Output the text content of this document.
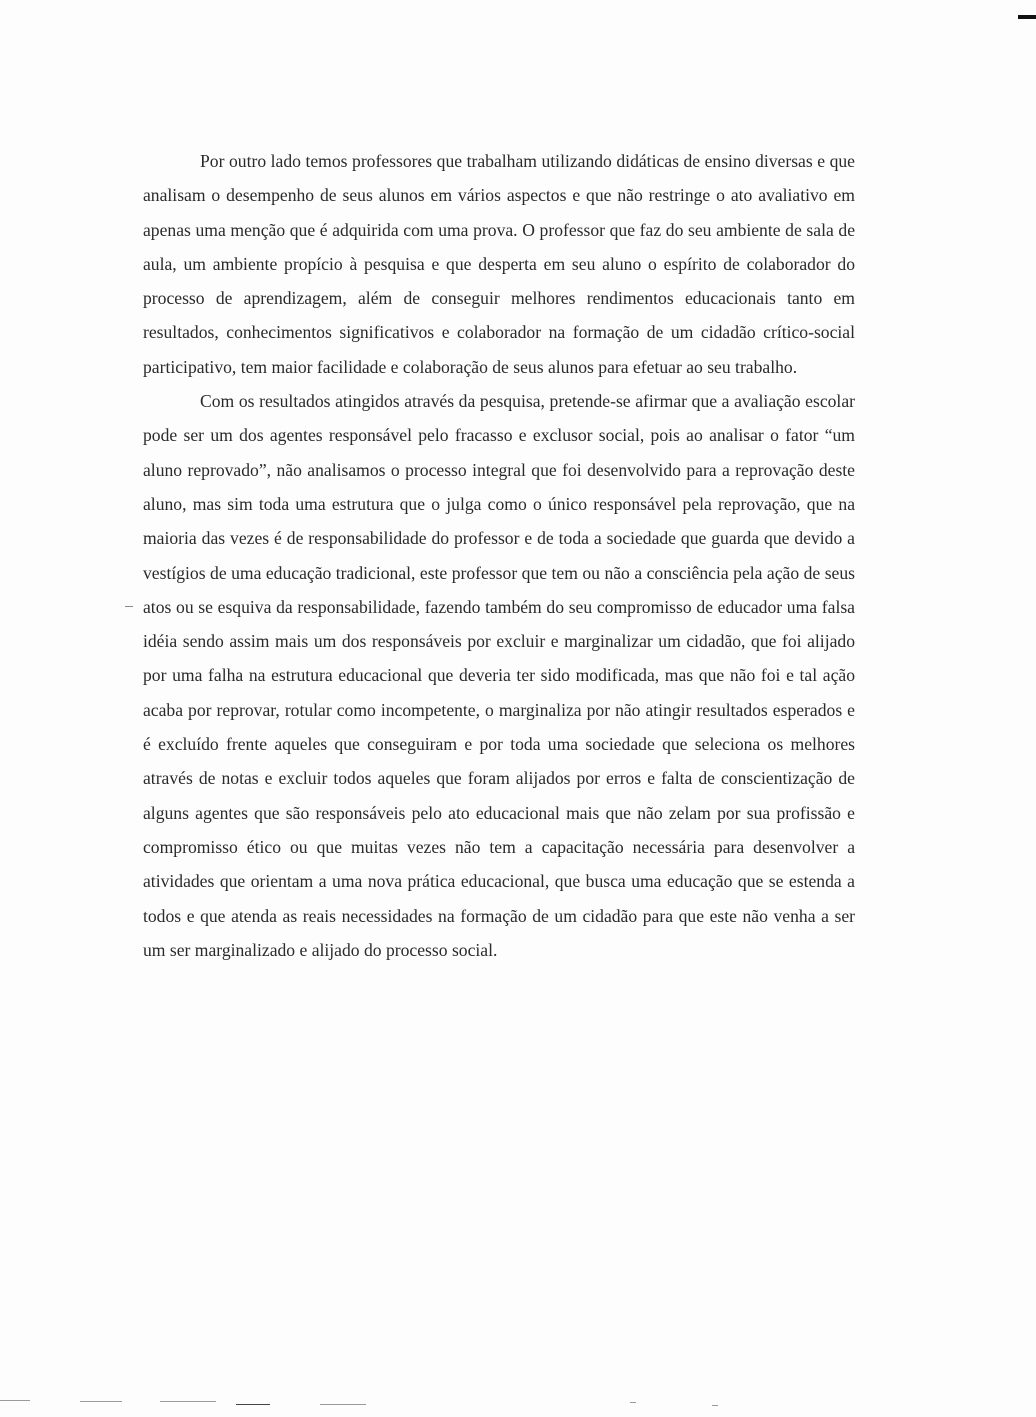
Por outro lado temos professores que trabalham utilizando didáticas de ensino diversas e que analisam o desempenho de seus alunos em vários aspectos e que não restringe o ato avaliativo em apenas uma menção que é adquirida com uma prova. O professor que faz do seu ambiente de sala de aula, um ambiente propício à pesquisa e que desperta em seu aluno o espírito de colaborador do processo de aprendizagem, além de conseguir melhores rendimentos educacionais tanto em resultados, conhecimentos significativos e colaborador na formação de um cidadão crítico-social participativo, tem maior facilidade e colaboração de seus alunos para efetuar ao seu trabalho.

Com os resultados atingidos através da pesquisa, pretende-se afirmar que a avaliação escolar pode ser um dos agentes responsável pelo fracasso e exclusor social, pois ao analisar o fator “um aluno reprovado”, não analisamos o processo integral que foi desenvolvido para a reprovação deste aluno, mas sim toda uma estrutura que o julga como o único responsável pela reprovação, que na maioria das vezes é de responsabilidade do professor e de toda a sociedade que guarda que devido a vestígios de uma educação tradicional, este professor que tem ou não a consciência pela ação de seus atos ou se esquiva da responsabilidade, fazendo também do seu compromisso de educador uma falsa idéia sendo assim mais um dos responsáveis por excluir e marginalizar um cidadão, que foi alijado por uma falha na estrutura educacional que deveria ter sido modificada, mas que não foi e tal ação acaba por reprovar, rotular como incompetente, o marginaliza por não atingir resultados esperados e é excluído frente aqueles que conseguiram e por toda uma sociedade que seleciona os melhores através de notas e excluir todos aqueles que foram alijados por erros e falta de conscientização de alguns agentes que são responsáveis pelo ato educacional mais que não zelam por sua profissão e compromisso ético ou que muitas vezes não tem a capacitação necessária para desenvolver a atividades que orientam a uma nova prática educacional, que busca uma educação que se estenda a todos e que atenda as reais necessidades na formação de um cidadão para que este não venha a ser um ser marginalizado e alijado do processo social.
